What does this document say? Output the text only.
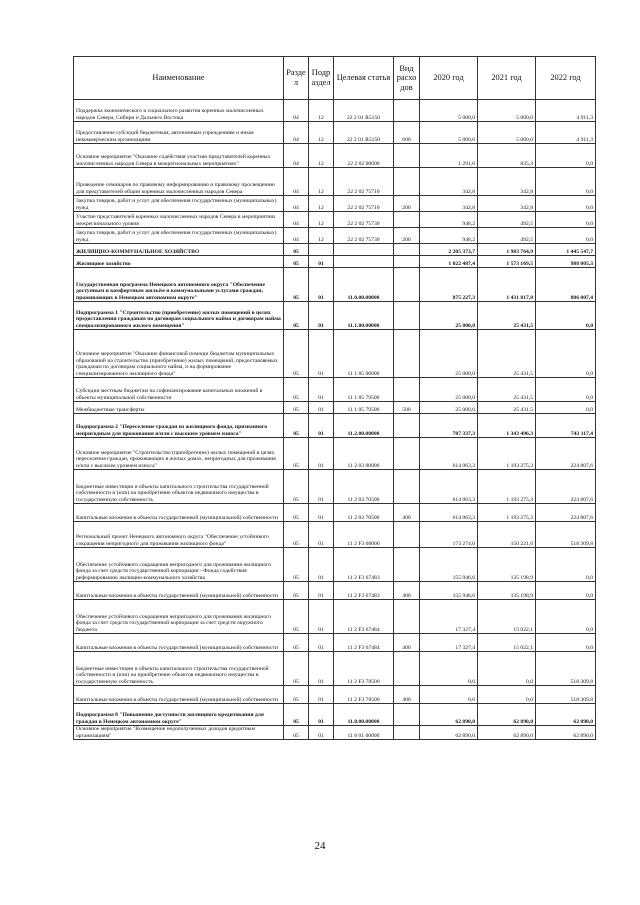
Наименование	Разде л	Подр аздел	Целевая статья	Вид расхо дов	2020 год	2021 год	2022 год
Поддержка экономического и социального развития коренных малочисленных народов Севера, Сибири и Дальнего Востока	04	12	22 2 01 R5150		5 000,0	5 000,0	4 911,3
Предоставление субсидий бюджетным, автономным учреждениям и иным некоммерческим организациям	04	12	22 2 01 R5150	600	5 000,0	5 000,0	4 911,3
Основное мероприятие "Оказание содействия участию представителей коренных малочисленных народов Севера в межрегиональных мероприятиях"	04	12	22 2 02 00000		1 291,0	835,3	0,0
Проведение семинаров по правовому информированию и правовому просвещению для представителей общин коренных малочисленных народов Севера	04	12	22 2 02 75710		342,8	342,8	0,0
Закупка товаров, работ и услуг для обеспечения государственных (муниципальных) нужд	04	12	22 2 02 75710	200	342,8	342,8	0,0
Участие представителей коренных малочисленных народов Севера в мероприятиях межрегионального уровня	04	12	22 2 02 75730		948,2	492,5	0,0
Закупка товаров, работ и услуг для обеспечения государственных (муниципальных) нужд	04	12	22 2 02 75730	200	948,2	492,5	0,0
ЖИЛИЩНО-КОММУНАЛЬНОЕ ХОЗЯЙСТВО	05				2 205 373,7	1 983 764,9	1 445 547,7
Жилищное хозяйство	05	01			1 022 487,4	1 573 169,5	988 005,3
Государственная программа Ненецкого автономного округа "Обеспечение доступным и комфортным жильём и коммунальными услугами граждан, проживающих в Ненецком автономном округе"	05	01	11.0.00.00000		875 227,3	1 431 817,8	806 007,4
Подпрограмма 1 "Строительство (приобретение) жилых помещений в целях предоставления гражданам по договорам социального найма и договорам найма специализированного жилого помещения"	05	01	11.1.00.00000		25 000,0	25 431,5	0,0
Основное мероприятие "Оказание финансовой помощи бюджетам муниципальных образований на строительство (приобретение) жилых помещений, предоставляемых гражданам по договорам социального найма, и на формирование специализированного жилищного фонда"	05	01	11 1 05 00000		25 000,0	25 431,5	0,0
Субсидии местным бюджетам на софинансирование капитальных вложений в объекты муниципальной собственности	05	01	11 1 05 79500		25 000,0	25 431,5	0,0
Межбюджетные трансферты	05	01	11 1 05 79500	500	25 000,0	25 431,5	0,0
Подпрограмма 2 "Переселение граждан из жилищного фонда, признанного непригодным для проживания и/или с высоким уровнем износа"	05	01	11.2.00.00000		787 337,3	1 343 496,3	743 117,4
Основное мероприятие "Строительство (приобретение) жилых помещений в целях переселения граждан, проживающих в жилых домах, непригодных для проживания и/или с высоким уровнем износа"	05	01	11 2 03 00000		614 063,3	1 193 275,3	224 807,6
Бюджетные инвестиции в объекты капитального строительства государственной собственности и (или) на приобретение объектов недвижимого имущества в государственную собственность	05	01	11 2 03 70500		614 063,3	1 193 275,3	224 807,6
Капитальные вложения в объекты государственной (муниципальной) собственности	05	01	11 2 03 70500	400	614 063,3	1 193 275,3	224 807,6
Региональный проект Ненецкого автономного округа "Обеспечение устойчивого сокращения непригодного для проживания жилищного фонда"	05	01	11 2 F3 00000		173 274,0	150 221,0	518 309,8
Обеспечение устойчивого сокращения непригодного для проживания жилищного фонда за счет средств государственной корпорации - Фонда содействия реформированию жилищно-коммунального хозяйства	05	01	11 2 F3 67483		155 946,6	135 198,9	0,0
Капитальные вложения в объекты государственной (муниципальной) собственности	05	01	11 2 F3 67483	400	155 946,6	135 198,9	0,0
Обеспечение устойчивого сокращения непригодного для проживания жилищного фонда за счет средств государственной корпорации за счет средств окружного бюджета	05	01	11 2 F3 67484		17 327,4	15 022,1	0,0
Капитальные вложения в объекты государственной (муниципальной) собственности	05	01	11 2 F3 67484	400	17 327,4	15 022,1	0,0
Бюджетные инвестиции в объекты капитального строительства государственной собственности и (или) на приобретение объектов недвижимого имущества в государственную собственность	05	01	11 2 F3 70500		0,0	0,0	518 309,8
Капитальные вложения в объекты государственной (муниципальной) собственности	05	01	11 2 F3 70500	400	0,0	0,0	518 309,8
Подпрограмма 8 "Повышение доступности жилищного кредитования для граждан в Ненецком автономном округе"	05	01	11.8.00.00000		62 890,0	62 890,0	62 890,0
Основное мероприятие "Возмещение недополученных доходов кредитным организациям"	05	01	11 8 01 00000		62 890,0	62 890,0	62 890,0
24
